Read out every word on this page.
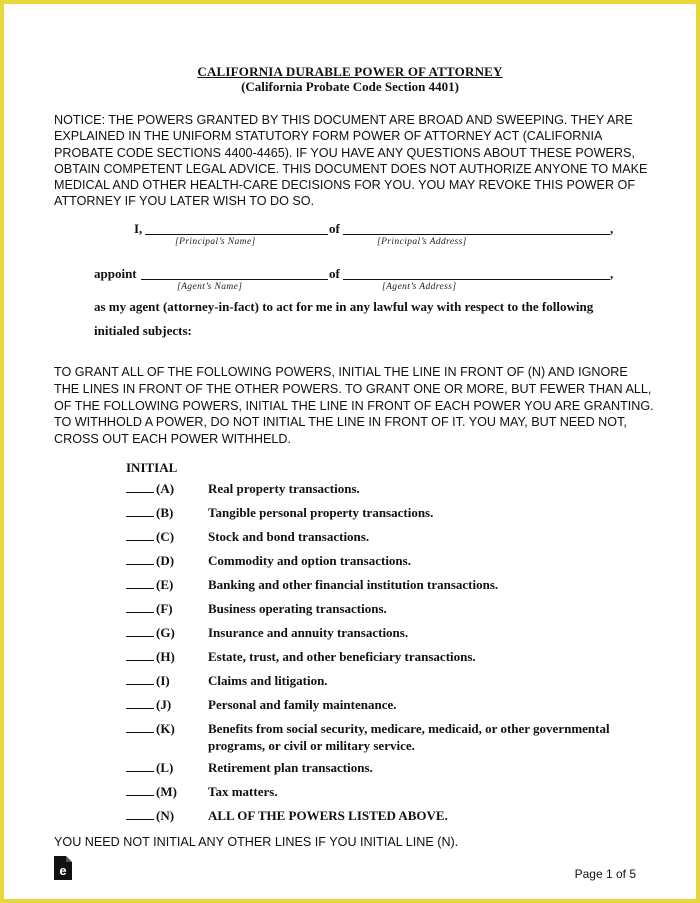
CALIFORNIA DURABLE POWER OF ATTORNEY
(California Probate Code Section 4401)
NOTICE: THE POWERS GRANTED BY THIS DOCUMENT ARE BROAD AND SWEEPING. THEY ARE EXPLAINED IN THE UNIFORM STATUTORY FORM POWER OF ATTORNEY ACT (CALIFORNIA PROBATE CODE SECTIONS 4400-4465). IF YOU HAVE ANY QUESTIONS ABOUT THESE POWERS, OBTAIN COMPETENT LEGAL ADVICE. THIS DOCUMENT DOES NOT AUTHORIZE ANYONE TO MAKE MEDICAL AND OTHER HEALTH-CARE DECISIONS FOR YOU. YOU MAY REVOKE THIS POWER OF ATTORNEY IF YOU LATER WISH TO DO SO.
I,	of	,
[Principal’s Name]	[Principal’s Address]
appoint	of	,
[Agent’s Name]	[Agent’s Address]
as my agent (attorney-in-fact) to act for me in any lawful way with respect to the following
initialed subjects:
TO GRANT ALL OF THE FOLLOWING POWERS, INITIAL THE LINE IN FRONT OF (N) AND IGNORE THE LINES IN FRONT OF THE OTHER POWERS. TO GRANT ONE OR MORE, BUT FEWER THAN ALL, OF THE FOLLOWING POWERS, INITIAL THE LINE IN FRONT OF EACH POWER YOU ARE GRANTING. TO WITHHOLD A POWER, DO NOT INITIAL THE LINE IN FRONT OF IT. YOU MAY, BUT NEED NOT, CROSS OUT EACH POWER WITHHELD.
INITIAL
(A)	Real property transactions.
(B)	Tangible personal property transactions.
(C)	Stock and bond transactions.
(D)	Commodity and option transactions.
(E)	Banking and other financial institution transactions.
(F)	Business operating transactions.
(G)	Insurance and annuity transactions.
(H)	Estate, trust, and other beneficiary transactions.
(I)	Claims and litigation.
(J)	Personal and family maintenance.
(K)	Benefits from social security, medicare, medicaid, or other governmental programs, or civil or military service.
(L)	Retirement plan transactions.
(M) Tax matters.
(N)	ALL OF THE POWERS LISTED ABOVE.
YOU NEED NOT INITIAL ANY OTHER LINES IF YOU INITIAL LINE (N).
e	Page 1 of 5
